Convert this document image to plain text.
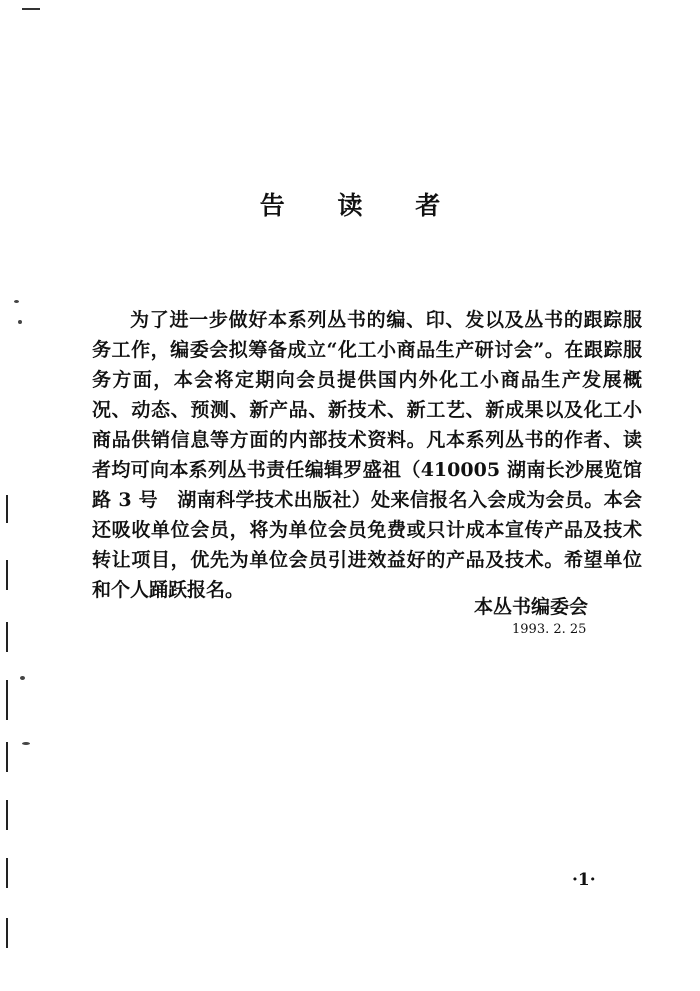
告 读 者
为了进一步做好本系列丛书的编、印、发以及丛书的跟踪服务工作，编委会拟筹备成立“化工小商品生产研讨会”。在跟踪服务方面，本会将定期向会员提供国内外化工小商品生产发展概况、动态、预测、新产品、新技术、新工艺、新成果以及化工小商品供销信息等方面的内部技术资料。凡本系列丛书的作者、读者均可向本系列丛书责任编辑罗盛祖（410005 湖南长沙展览馆路 3 号　湖南科学技术出版社）处来信报名入会成为会员。本会还吸收单位会员，将为单位会员免费或只计成本宣传产品及技术转让项目，优先为单位会员引进效益好的产品及技术。希望单位和个人踊跃报名。
本丛书编委会
1993. 2. 25
·1·
